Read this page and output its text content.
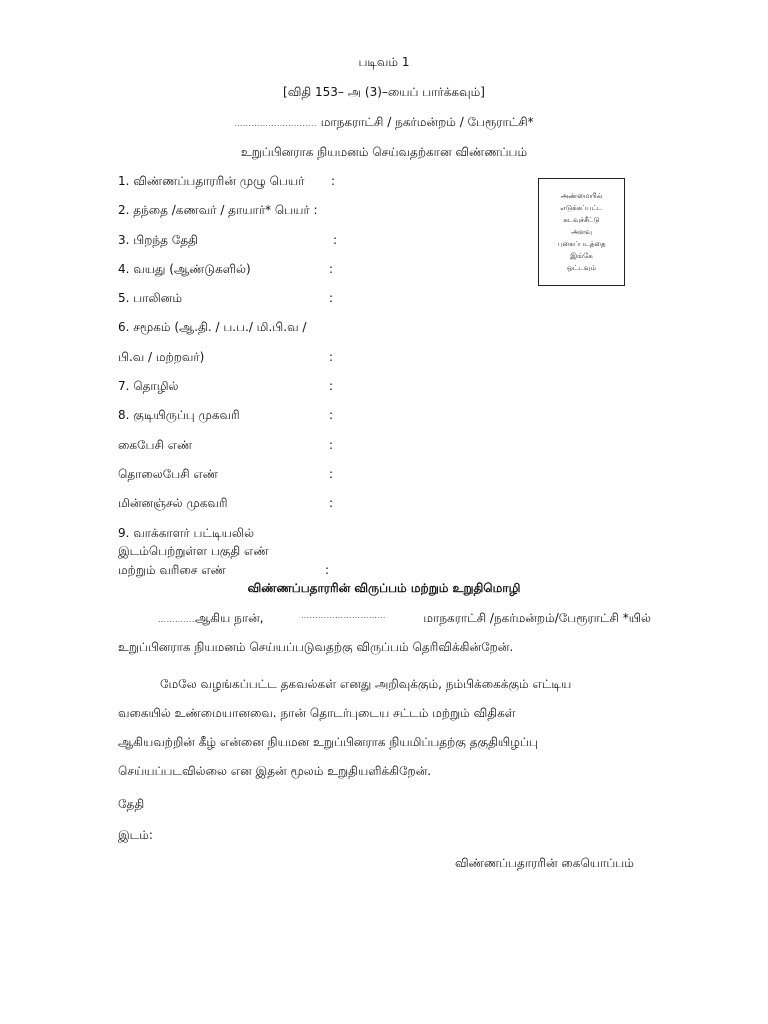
படிவம் 1
[விதி 153– அ (3)–யைப் பார்க்கவும்]
……………………….. மாநகராட்சி / நகர்மன்றம் / பேரூராட்சி*
உறுப்பினராக நியமனம் செய்வதற்கான விண்ணப்பம்
அண்மையில்
எடுக்கப்பட்ட
கடவுச்சீட்டு
அளவு
புகைப்படத்தை
இங்கே
ஒட்டவும்
1. விண்ணப்பதாரரின் முழு பெயர் :
2. தந்தை /கணவர் / தாயார்* பெயர் :
3. பிறந்த தேதி	:
4. வயது (ஆண்டுகளில்)	:
5. பாலினம்	:
6. சமூகம் (ஆ.தி. / ப.ப./ மி.பி.வ /
பி.வ / மற்றவர்)	:
7. தொழில்	:
8. குடியிருப்பு முகவரி	:
கைபேசி எண்	:
தொலைபேசி எண்	:
மின்னஞ்சல் முகவரி	:
9. வாக்காளர் பட்டியலில்
இடம்பெற்றுள்ள பகுதி எண்
மற்றும் வரிசை எண்	:
விண்ணப்பதாரரின் விருப்பம் மற்றும் உறுதிமொழி
………….ஆகிய நான்,	…………………………	மாநகராட்சி /நகர்மன்றம்/பேரூராட்சி *யில்
உறுப்பினராக நியமனம் செய்யப்படுவதற்கு விருப்பம் தெரிவிக்கின்றேன்.
மேலே வழங்கப்பட்ட தகவல்கள் எனது அறிவுக்கும், நம்பிக்கைக்கும் எட்டிய
வகையில் உண்மையானவை. நான் தொடர்புடைய சட்டம் மற்றும் விதிகள்
ஆகியவற்றின் கீழ் என்னை நியமன உறுப்பினராக நியமிப்பதற்கு தகுதியிழப்பு
செய்யப்படவில்லை என இதன் மூலம் உறுதியளிக்கிறேன்.
தேதி
இடம்:
விண்ணப்பதாரரின் கையொப்பம்
